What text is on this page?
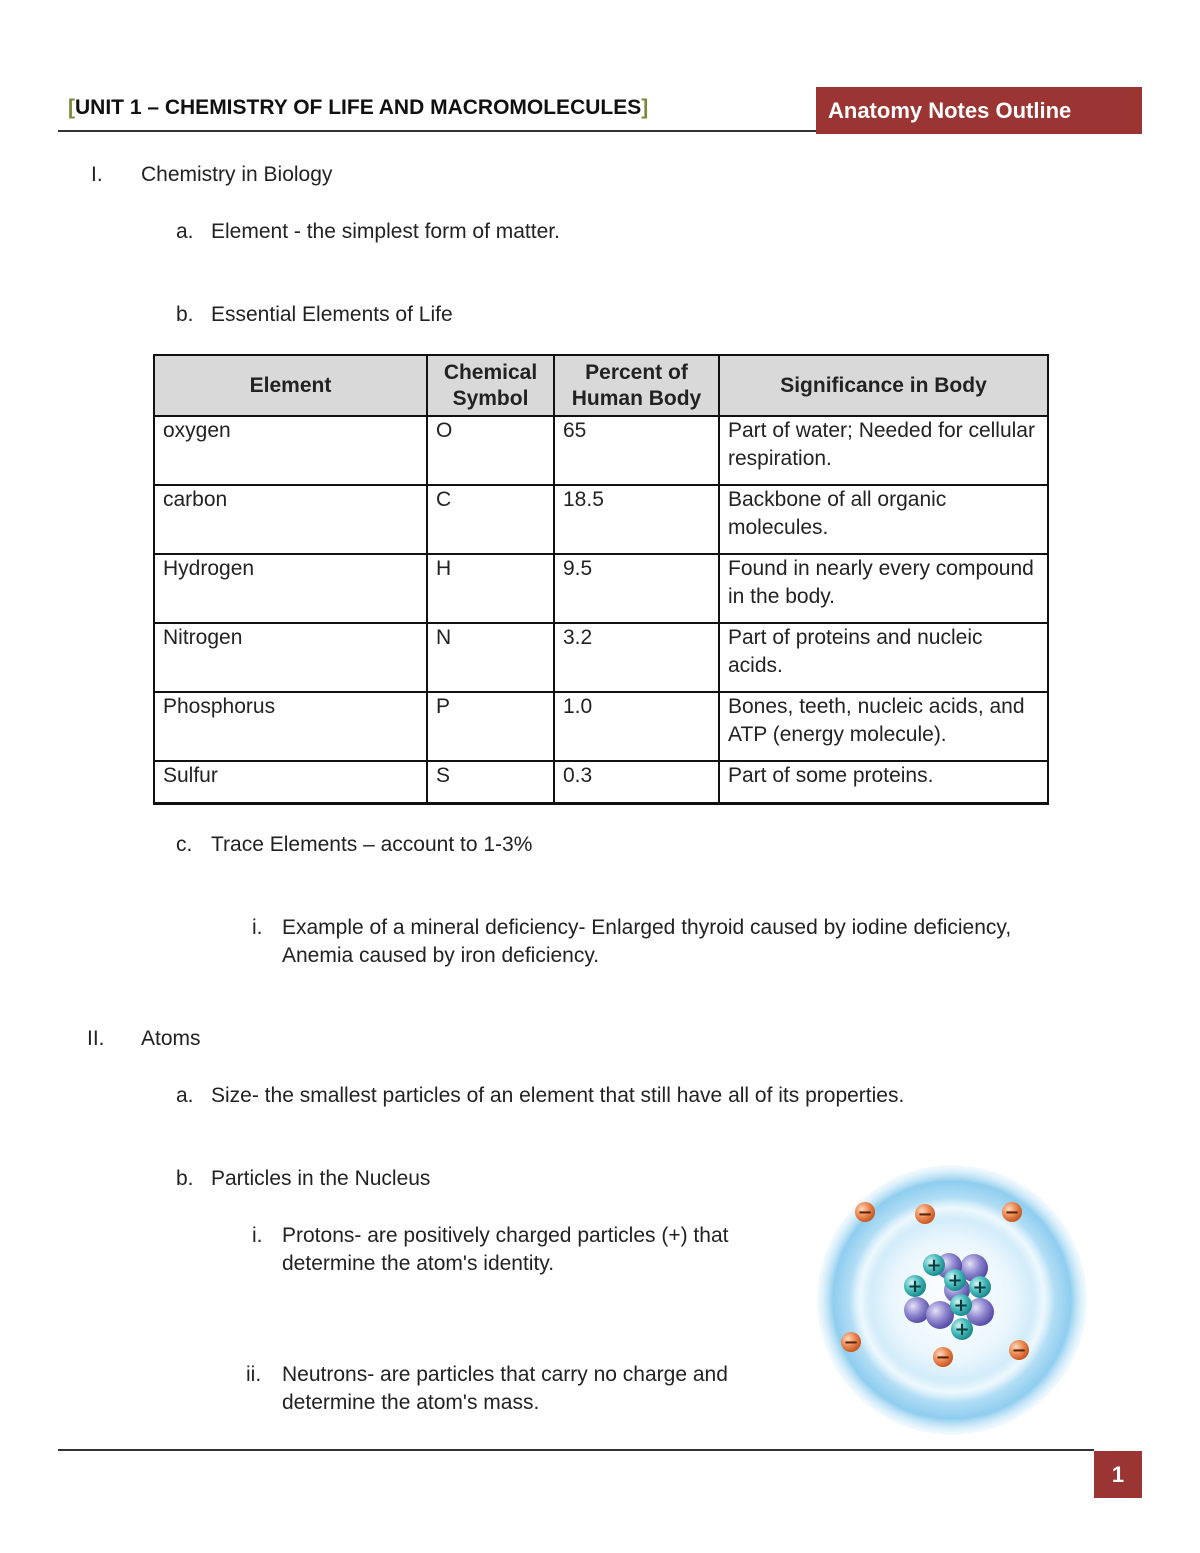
[UNIT 1 – CHEMISTRY OF LIFE AND MACROMOLECULES]	Anatomy Notes Outline
I. Chemistry in Biology
a. Element - the simplest form of matter.
b. Essential Elements of Life
Element	Chemical Symbol	Percent of Human Body	Significance in Body
oxygen	O	65	Part of water; Needed for cellular respiration.
carbon	C	18.5	Backbone of all organic molecules.
Hydrogen	H	9.5	Found in nearly every compound in the body.
Nitrogen	N	3.2	Part of proteins and nucleic acids.
Phosphorus	P	1.0	Bones, teeth, nucleic acids, and ATP (energy molecule).
Sulfur	S	0.3	Part of some proteins.
c. Trace Elements – account to 1-3%
i. Example of a mineral deficiency- Enlarged thyroid caused by iodine deficiency,
Anemia caused by iron deficiency.
II. Atoms
a. Size- the smallest particles of an element that still have all of its properties.
b. Particles in the Nucleus
i. Protons- are positively charged particles (+) that
determine the atom's identity.
ii. Neutrons- are particles that carry no charge and
determine the atom's mass.
+
+ + +
+
+
− −	−
−
−	−
1
